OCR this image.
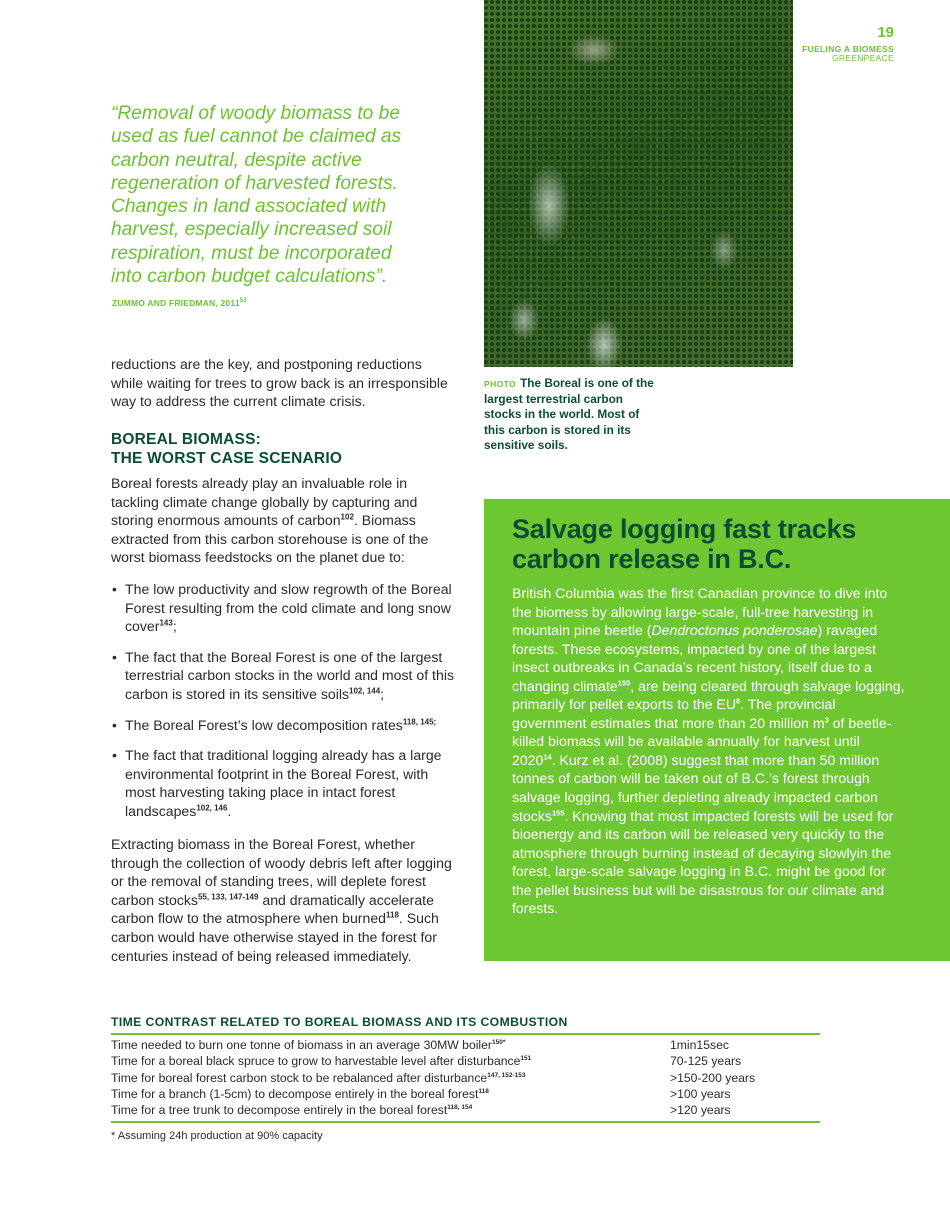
19
FUELING A BIOMESS
GREENPEACE
“Removal of woody biomass to be used as fuel cannot be claimed as carbon neutral, despite active regeneration of harvested forests. Changes in land associated with harvest, especially increased soil respiration, must be incorporated into carbon budget calculations”.
ZUMMO AND FRIEDMAN, 2011$^{53}$
reductions are the key, and postponing reductions while waiting for trees to grow back is an irresponsible way to address the current climate crisis.
BOREAL BIOMASS:
THE WORST CASE SCENARIO
Boreal forests already play an invaluable role in tackling climate change globally by capturing and storing enormous amounts of carbon$^{102}$. Biomass extracted from this carbon storehouse is one of the worst biomass feedstocks on the planet due to:
• The low productivity and slow regrowth of the Boreal Forest resulting from the cold climate and long snow cover$^{143}$;
• The fact that the Boreal Forest is one of the largest terrestrial carbon stocks in the world and most of this carbon is stored in its sensitive soils$^{102, 144}$;
• The Boreal Forest’s low decomposition rates$^{118, 145;}$
• The fact that traditional logging already has a large environmental footprint in the Boreal Forest, with most harvesting taking place in intact forest landscapes$^{102, 146}$.
Extracting biomass in the Boreal Forest, whether through the collection of woody debris left after logging or the removal of standing trees, will deplete forest carbon stocks$^{55, 133, 147-149}$ and dramatically accelerate carbon flow to the atmosphere when burned$^{118}$. Such carbon would have otherwise stayed in the forest for centuries instead of being released immediately.
PHOTO The Boreal is one of the largest terrestrial carbon stocks in the world. Most of this carbon is stored in its sensitive soils.
Salvage logging fast tracks carbon release in B.C.
British Columbia was the first Canadian province to dive into the biomess by allowing large-scale, full-tree harvesting in mountain pine beetle (Dendroctonus ponderosae) ravaged forests. These ecosystems, impacted by one of the largest insect outbreaks in Canada’s recent history, itself due to a changing climate$^{155}$, are being cleared through salvage logging, primarily for pellet exports to the $EU^8$. The provincial government estimates that more than 20 million $m^3$ of beetle-killed biomass will be available annually for harvest until 2020$^{14}$. Kurz et al. (2008) suggest that more than 50 million tonnes of carbon will be taken out of B.C.’s forest through salvage logging, further depleting already impacted carbon stocks$^{155}$. Knowing that most impacted forests will be used for bioenergy and its carbon will be released very quickly to the atmosphere through burning instead of decaying slowlyin the forest, large-scale salvage logging in B.C. might be good for the pellet business but will be disastrous for our climate and forests.
TIME CONTRAST RELATED TO BOREAL BIOMASS AND ITS COMBUSTION
Time needed to burn one tonne of biomass in an average 30MW boiler$^{150*}$	1min15sec
Time for a boreal black spruce to grow to harvestable level after disturbance$^{151}$	70-125 years
Time for boreal forest carbon stock to be rebalanced after disturbance$^{147, 152-153}$	>150-200 years
Time for a branch (1-5cm) to decompose entirely in the boreal forest$^{118}$	>100 years
Time for a tree trunk to decompose entirely in the boreal forest$^{118, 154}$	>120 years
* Assuming 24h production at 90% capacity
